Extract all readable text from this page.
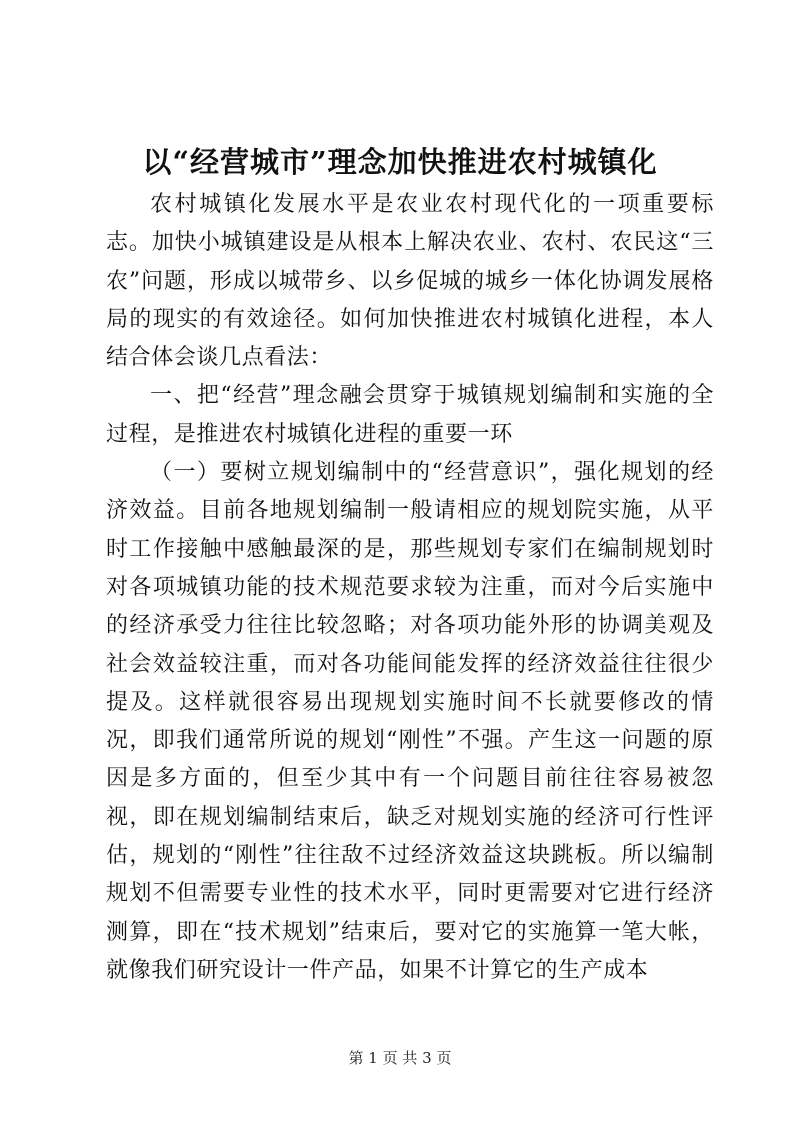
以“经营城市”理念加快推进农村城镇化

农村城镇化发展水平是农业农村现代化的一项重要标志。加快小城镇建设是从根本上解决农业、农村、农民这“三农”问题，形成以城带乡、以乡促城的城乡一体化协调发展格局的现实的有效途径。如何加快推进农村城镇化进程，本人结合体会谈几点看法：

一、把“经营”理念融会贯穿于城镇规划编制和实施的全过程，是推进农村城镇化进程的重要一环

（一）要树立规划编制中的“经营意识”，强化规划的经济效益。目前各地规划编制一般请相应的规划院实施，从平时工作接触中感触最深的是，那些规划专家们在编制规划时对各项城镇功能的技术规范要求较为注重，而对今后实施中的经济承受力往往比较忽略；对各项功能外形的协调美观及社会效益较注重，而对各功能间能发挥的经济效益往往很少提及。这样就很容易出现规划实施时间不长就要修改的情况，即我们通常所说的规划“刚性”不强。产生这一问题的原因是多方面的，但至少其中有一个问题目前往往容易被忽视，即在规划编制结束后，缺乏对规划实施的经济可行性评估，规划的“刚性”往往敌不过经济效益这块跳板。所以编制规划不但需要专业性的技术水平，同时更需要对它进行经济测算，即在“技术规划”结束后，要对它的实施算一笔大帐，就像我们研究设计一件产品，如果不计算它的生产成本

第 1 页 共 3 页
